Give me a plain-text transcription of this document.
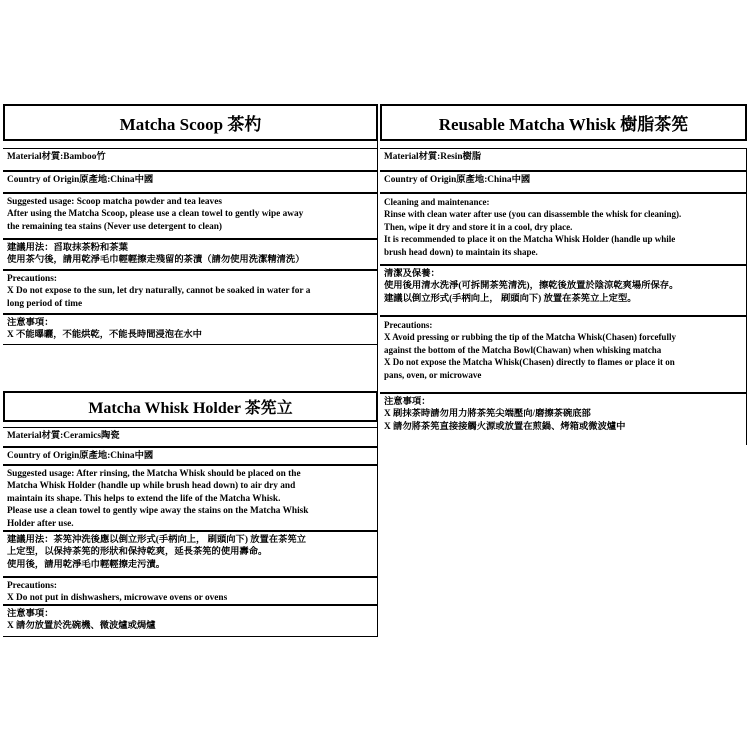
Matcha Scoop 茶杓
Material材質:Bamboo竹
Country of Origin原產地:China中國
Suggested usage: Scoop matcha powder and tea leaves
After using the Matcha Scoop, please use a clean towel to gently wipe away
the remaining tea stains (Never use detergent to clean)
建議用法：舀取抹茶粉和茶葉
使用茶勺後，請用乾淨毛巾輕輕擦走殘留的茶漬（請勿使用洗潔精清洗）
Precautions:
X Do not expose to the sun, let dry naturally, cannot be soaked in water for a
long period of time
注意事項：
X 不能曝曬，不能烘乾，不能長時間浸泡在水中
Reusable Matcha Whisk 樹脂茶筅
Material材質:Resin樹脂
Country of Origin原產地:China中國
Cleaning and maintenance:
Rinse with clean water after use (you can disassemble the whisk for cleaning).
Then, wipe it dry and store it in a cool, dry place.
It is recommended to place it on the Matcha Whisk Holder (handle up while
brush head down) to maintain its shape.
清潔及保養：
使用後用清水洗淨(可拆開茶筅清洗)，擦乾後放置於陰涼乾爽場所保存。
建議以倒立形式(手柄向上， 刷頭向下) 放置在茶筅立上定型。
Precautions:
X Avoid pressing or rubbing the tip of the Matcha Whisk(Chasen) forcefully
against the bottom of the Matcha Bowl(Chawan) when whisking matcha
X Do not expose the Matcha Whisk(Chasen) directly to flames or place it on
pans, oven, or microwave
注意事項：
X 刷抹茶時請勿用力將茶筅尖端壓向/磨擦茶碗底部
X 請勿將茶筅直接接觸火源或放置在煎鍋、烤箱或微波爐中
Matcha Whisk Holder 茶筅立
Material材質:Ceramics陶瓷
Country of Origin原產地:China中國
Suggested usage: After rinsing, the Matcha Whisk should be placed on the
Matcha Whisk Holder (handle up while brush head down) to air dry and
maintain its shape. This helps to extend the life of the Matcha Whisk.
Please use a clean towel to gently wipe away the stains on the Matcha Whisk
Holder after use.
建議用法：茶筅沖洗後應以倒立形式(手柄向上， 刷頭向下) 放置在茶筅立
上定型，以保持茶筅的形狀和保持乾爽，延長茶筅的使用壽命。
使用後，請用乾淨毛巾輕輕擦走污漬。
Precautions:
X Do not put in dishwashers, microwave ovens or ovens
注意事項：
X 請勿放置於洗碗機、微波爐或焗爐
